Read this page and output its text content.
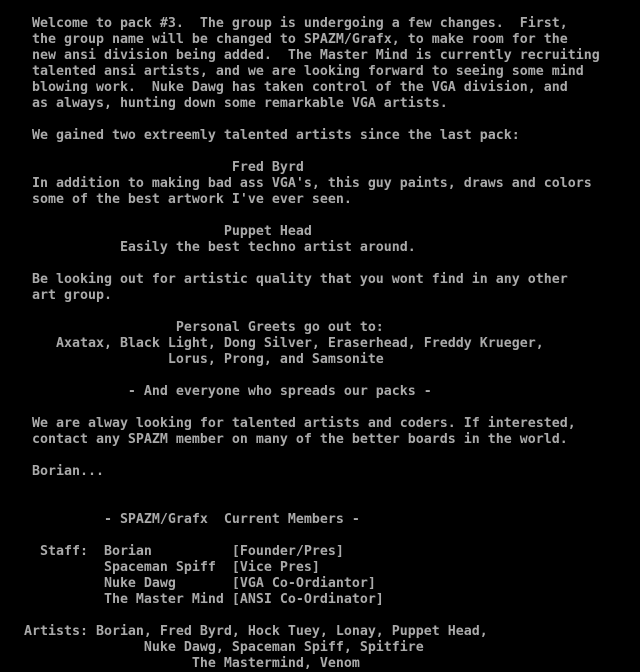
Welcome to pack #3.  The group is undergoing a few changes.  First,
the group name will be changed to SPAZM/Grafx, to make room for the
new ansi division being added.  The Master Mind is currently recruiting
talented ansi artists, and we are looking forward to seeing some mind
blowing work.  Nuke Dawg has taken control of the VGA division, and
as always, hunting down some remarkable VGA artists.
We gained two extreemly talented artists since the last pack:
Fred Byrd
In addition to making bad ass VGA's, this guy paints, draws and colors
some of the best artwork I've ever seen.
Puppet Head
Easily the best techno artist around.
Be looking out for artistic quality that you wont find in any other
art group.
Personal Greets go out to:
Axatax, Black Light, Dong Silver, Eraserhead, Freddy Krueger,
Lorus, Prong, and Samsonite
- And everyone who spreads our packs -
We are alway looking for talented artists and coders. If interested,
contact any SPAZM member on many of the better boards in the world.
Borian...
- SPAZM/Grafx  Current Members -
Staff:  Borian          [Founder/Pres]
Spaceman Spiff  [Vice Pres]
Nuke Dawg       [VGA Co-Ordiantor]
The Master Mind [ANSI Co-Ordinator]
Artists: Borian, Fred Byrd, Hock Tuey, Lonay, Puppet Head,
Nuke Dawg, Spaceman Spiff, Spitfire
The Mastermind, Venom
